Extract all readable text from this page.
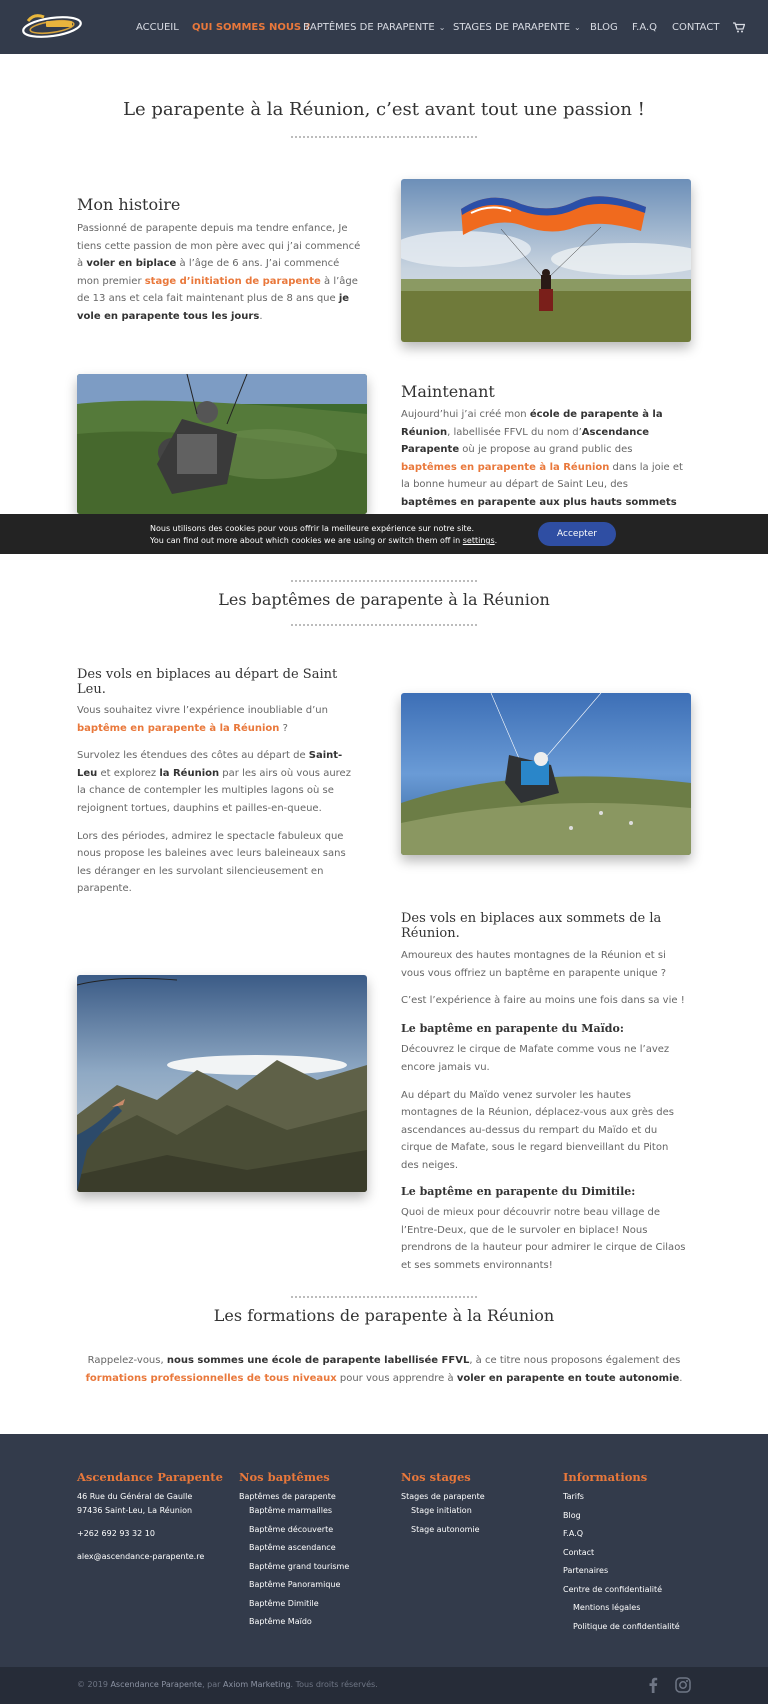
ACCUEIL QUI SOMMES NOUS ?
BAPTÊMES DE PARAPENTE ⌄ STAGES DE PARAPENTE ⌄ BLOG F.A.Q CONTACT
Le parapente à la Réunion, c’est avant tout une passion !
Mon histoire
Passionné de parapente depuis ma tendre enfance, Je tiens cette passion de mon père avec qui j’ai commencé à voler en biplace à l’âge de 6 ans. J’ai commencé mon premier stage d’initiation de parapente à l’âge de 13 ans et cela fait maintenant plus de 8 ans que je vole en parapente tous les jours.
Maintenant
Aujourd’hui j’ai créé mon école de parapente à la Réunion, labellisée FFVL du nom d’Ascendance Parapente où je propose au grand public des baptêmes en parapente à la Réunion dans la joie et la bonne humeur au départ de Saint Leu, des baptêmes en parapente aux plus hauts sommets
Nous utilisons des cookies pour vous offrir la meilleure expérience sur notre site.
You can find out more about which cookies we are using or switch them off in settings.
Accepter
Les baptêmes de parapente à la Réunion
Des vols en biplaces au départ de Saint
Leu.
Vous souhaitez vivre l’expérience inoubliable d’un baptême en parapente à la Réunion ?
Survolez les étendues des côtes au départ de Saint-Leu et explorez la Réunion par les airs où vous aurez la chance de contempler les multiples lagons où se rejoignent tortues, dauphins et pailles-en-queue.
Lors des périodes, admirez le spectacle fabuleux que nous propose les baleines avec leurs baleineaux sans les déranger en les survolant silencieusement en parapente.
Des vols en biplaces aux sommets de la
Réunion.
Amoureux des hautes montagnes de la Réunion et si vous vous offriez un baptême en parapente unique ?
C’est l’expérience à faire au moins une fois dans sa vie !
Le baptême en parapente du Maïdo:
Découvrez le cirque de Mafate comme vous ne l’avez encore jamais vu.
Au départ du Maïdo venez survoler les hautes montagnes de la Réunion, déplacez-vous aux grès des ascendances au-dessus du rempart du Maïdo et du cirque de Mafate, sous le regard bienveillant du Piton des neiges.
Le baptême en parapente du Dimitile:
Quoi de mieux pour découvrir notre beau village de l’Entre-Deux, que de le survoler en biplace! Nous prendrons de la hauteur pour admirer le cirque de Cilaos et ses sommets environnants!
Les formations de parapente à la Réunion
Rappelez-vous, nous sommes une école de parapente labellisée FFVL, à ce titre nous proposons également des formations professionnelles de tous niveaux pour vous apprendre à voler en parapente en toute autonomie.
Ascendance Parapente
46 Rue du Général de Gaulle
97436 Saint-Leu, La Réunion
+262 692 93 32 10
alex@ascendance-parapente.re
Nos baptêmes
Baptêmes de parapente
Baptême marmailles
Baptême découverte
Baptême ascendance
Baptême grand tourisme
Baptême Panoramique
Baptême Dimitile
Baptême Maïdo
Nos stages
Stages de parapente
Stage initiation
Stage autonomie
Informations
Tarifs
Blog
F.A.Q
Contact
Partenaires
Centre de confidentialité
Mentions légales
Politique de confidentialité
© 2019 Ascendance Parapente, par Axiom Marketing. Tous droits réservés.
